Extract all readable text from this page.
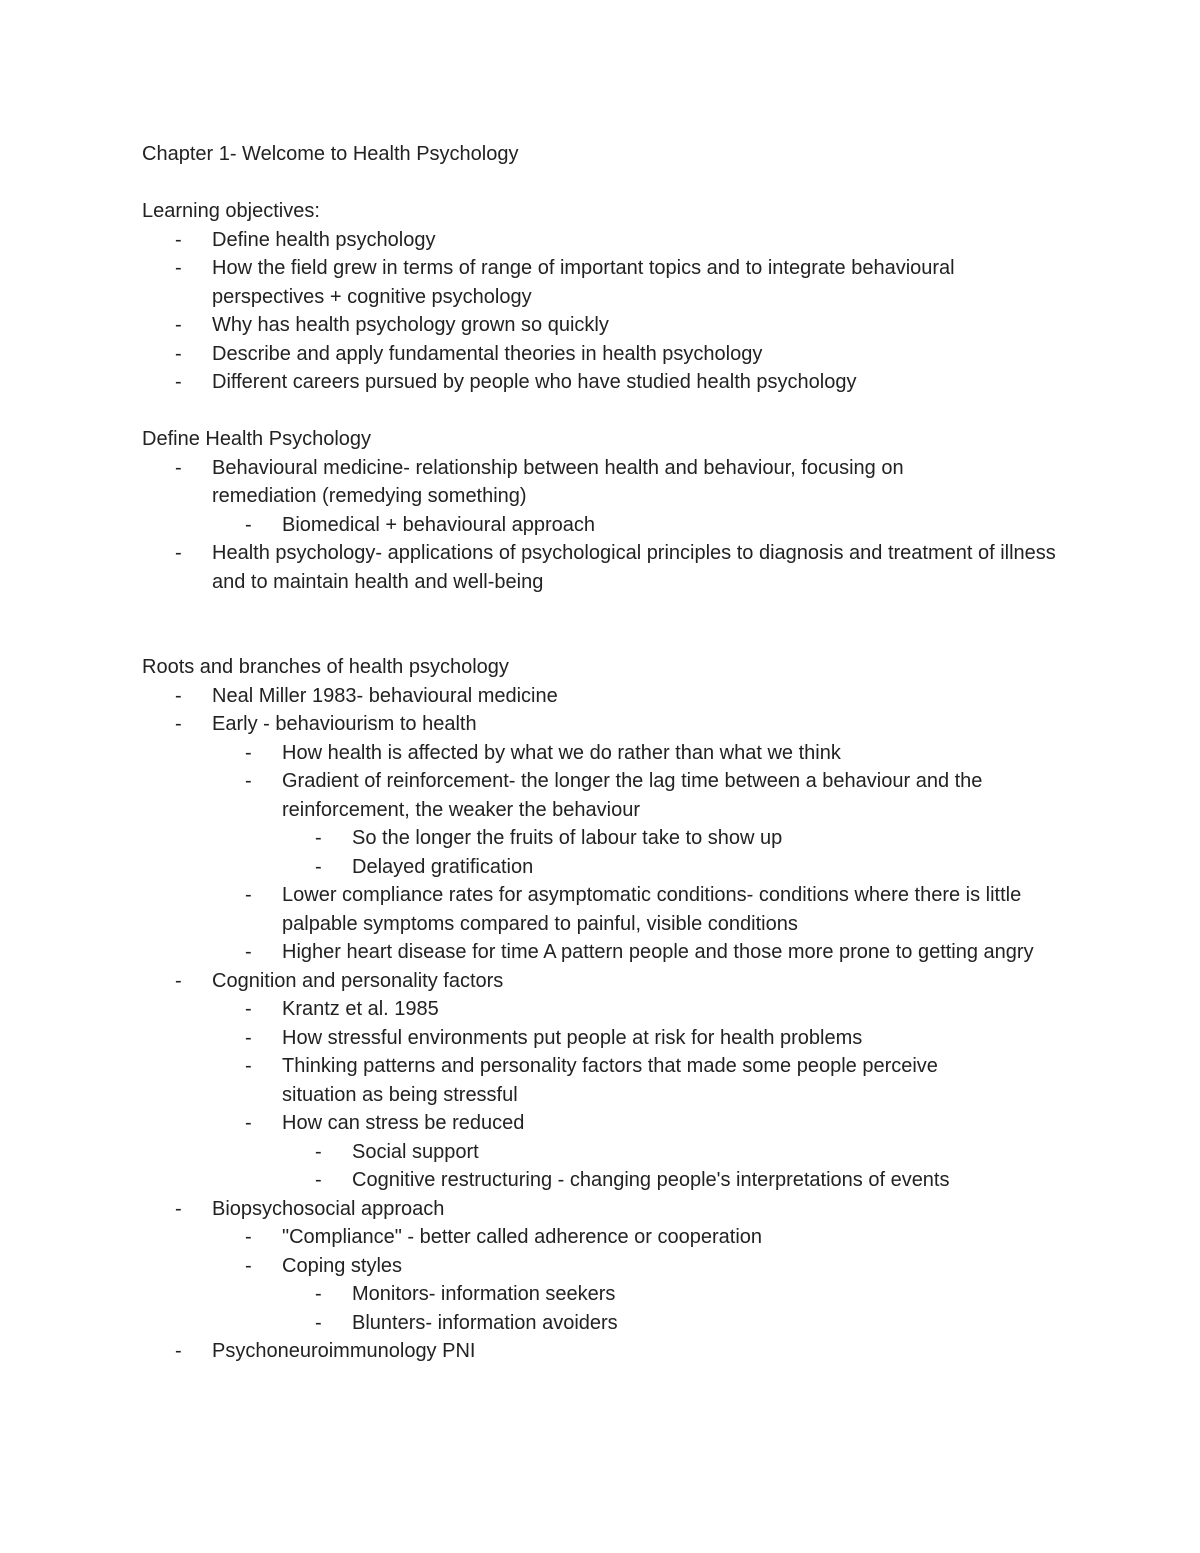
Chapter 1- Welcome to Health Psychology
Learning objectives:
- Define health psychology
- How the field grew in terms of range of important topics and to integrate behavioural perspectives + cognitive psychology
- Why has health psychology grown so quickly
- Describe and apply fundamental theories in health psychology
- Different careers pursued by people who have studied health psychology
Define Health Psychology
- Behavioural medicine- relationship between health and behaviour, focusing on remediation (remedying something)
- Biomedical + behavioural approach
- Health psychology- applications of psychological principles to diagnosis and treatment of illness and to maintain health and well-being
Roots and branches of health psychology
- Neal Miller 1983- behavioural medicine
- Early - behaviourism to health
- How health is affected by what we do rather than what we think
- Gradient of reinforcement- the longer the lag time between a behaviour and the reinforcement, the weaker the behaviour
- So the longer the fruits of labour take to show up
- Delayed gratification
- Lower compliance rates for asymptomatic conditions- conditions where there is little palpable symptoms compared to painful, visible conditions
- Higher heart disease for time A pattern people and those more prone to getting angry
- Cognition and personality factors
- Krantz et al. 1985
- How stressful environments put people at risk for health problems
- Thinking patterns and personality factors that made some people perceive situation as being stressful
- How can stress be reduced
- Social support
- Cognitive restructuring - changing people's interpretations of events
- Biopsychosocial approach
- "Compliance" - better called adherence or cooperation
- Coping styles
- Monitors- information seekers
- Blunters- information avoiders
- Psychoneuroimmunology PNI
